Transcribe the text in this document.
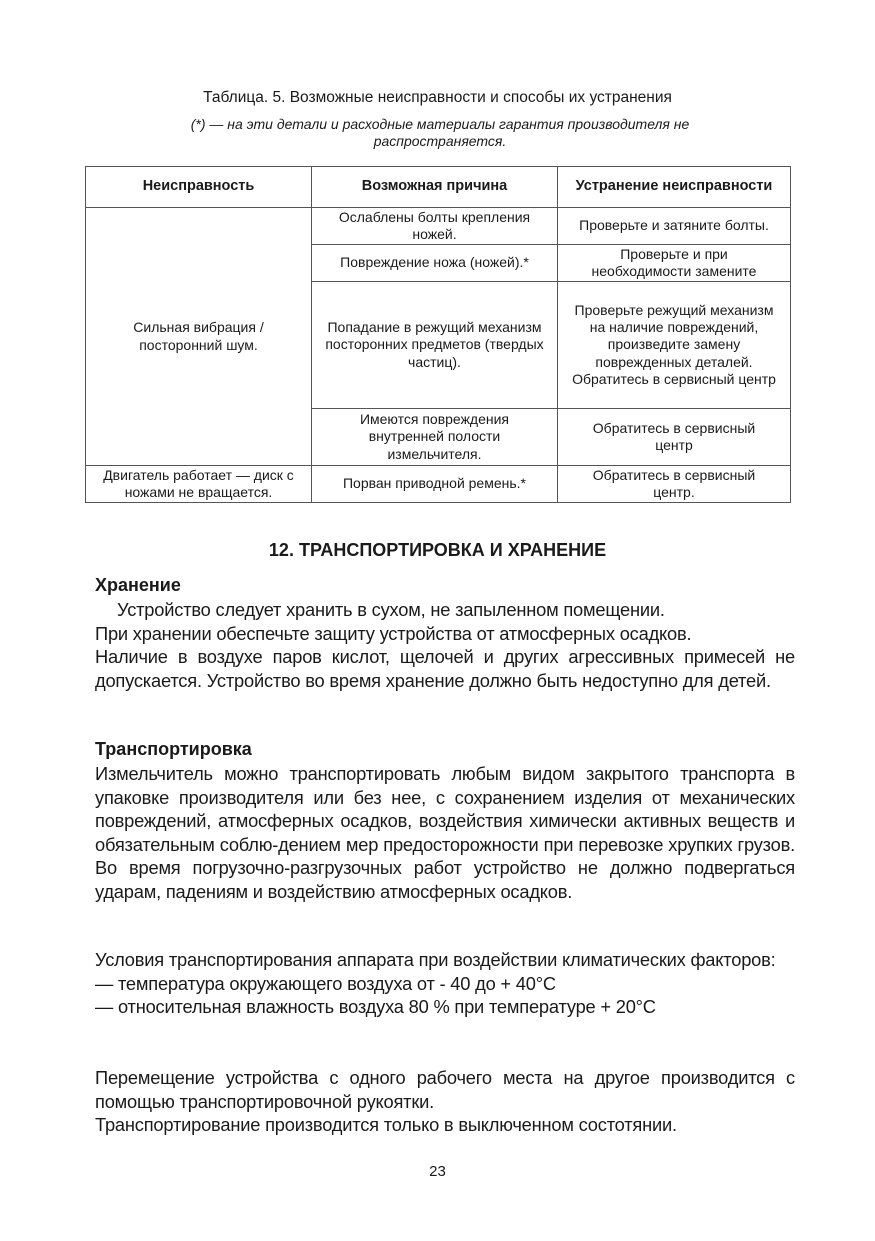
Таблица. 5. Возможные неисправности и способы их устранения
(*) — на эти детали и расходные материалы гарантия производителя не
распространяется.
Неисправность	Возможная причина	Устранение неисправности
Сильная вибрация / посторонний шум.	Ослаблены болты крепления ножей.	Проверьте и затяните болты.
	Повреждение ножа (ножей).*	Проверьте и при необходимости замените
	Попадание в режущий механизм посторонних предметов (твердых частиц).	Проверьте режущий механизм на наличие повреждений, произведите замену поврежденных деталей. Обратитесь в сервисный центр
	Имеются повреждения внутренней полости измельчителя.	Обратитесь в сервисный центр
Двигатель работает — диск с ножами не вращается.	Порван приводной ремень.*	Обратитесь в сервисный центр.
12. ТРАНСПОРТИРОВКА И ХРАНЕНИЕ
Хранение
Устройство следует хранить в сухом, не запыленном помещении.
При хранении обеспечьте защиту устройства от атмосферных осадков.
Наличие в воздухе паров кислот, щелочей и других агрессивных примесей не допускается. Устройство во время хранение должно быть недоступно для детей.
Транспортировка
Измельчитель можно транспортировать любым видом закрытого транспорта в упаковке производителя или без нее, с сохранением изделия от механических повреждений, атмосферных осадков, воздействия химически активных веществ и обязательным соблю-дением мер предосторожности при перевозке хрупких грузов. Во время погрузочно-разгрузочных работ устройство не должно подвергаться ударам, падениям и воздействию атмосферных осадков.
Условия транспортирования аппарата при воздействии климатических факторов:
— температура окружающего воздуха от - 40 до + 40°С
— относительная влажность воздуха 80 % при температуре + 20°С
Перемещение устройства с одного рабочего места на другое производится с помощью транспортировочной рукоятки.
Транспортирование производится только в выключенном состотянии.
23
